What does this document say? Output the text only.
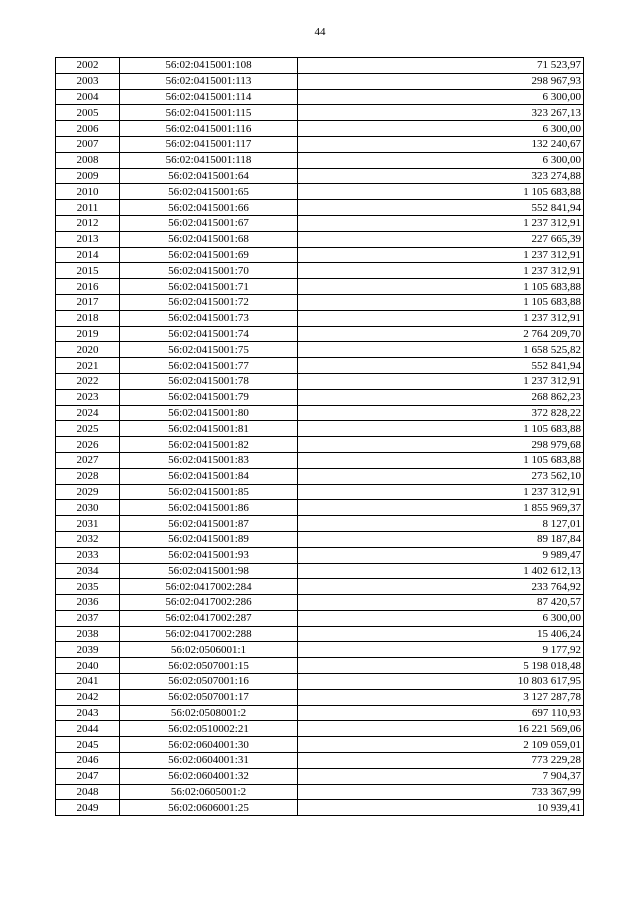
44
2002	56:02:0415001:108	71 523,97
2003	56:02:0415001:113	298 967,93
2004	56:02:0415001:114	6 300,00
2005	56:02:0415001:115	323 267,13
2006	56:02:0415001:116	6 300,00
2007	56:02:0415001:117	132 240,67
2008	56:02:0415001:118	6 300,00
2009	56:02:0415001:64	323 274,88
2010	56:02:0415001:65	1 105 683,88
2011	56:02:0415001:66	552 841,94
2012	56:02:0415001:67	1 237 312,91
2013	56:02:0415001:68	227 665,39
2014	56:02:0415001:69	1 237 312,91
2015	56:02:0415001:70	1 237 312,91
2016	56:02:0415001:71	1 105 683,88
2017	56:02:0415001:72	1 105 683,88
2018	56:02:0415001:73	1 237 312,91
2019	56:02:0415001:74	2 764 209,70
2020	56:02:0415001:75	1 658 525,82
2021	56:02:0415001:77	552 841,94
2022	56:02:0415001:78	1 237 312,91
2023	56:02:0415001:79	268 862,23
2024	56:02:0415001:80	372 828,22
2025	56:02:0415001:81	1 105 683,88
2026	56:02:0415001:82	298 979,68
2027	56:02:0415001:83	1 105 683,88
2028	56:02:0415001:84	273 562,10
2029	56:02:0415001:85	1 237 312,91
2030	56:02:0415001:86	1 855 969,37
2031	56:02:0415001:87	8 127,01
2032	56:02:0415001:89	89 187,84
2033	56:02:0415001:93	9 989,47
2034	56:02:0415001:98	1 402 612,13
2035	56:02:0417002:284	233 764,92
2036	56:02:0417002:286	87 420,57
2037	56:02:0417002:287	6 300,00
2038	56:02:0417002:288	15 406,24
2039	56:02:0506001:1	9 177,92
2040	56:02:0507001:15	5 198 018,48
2041	56:02:0507001:16	10 803 617,95
2042	56:02:0507001:17	3 127 287,78
2043	56:02:0508001:2	697 110,93
2044	56:02:0510002:21	16 221 569,06
2045	56:02:0604001:30	2 109 059,01
2046	56:02:0604001:31	773 229,28
2047	56:02:0604001:32	7 904,37
2048	56:02:0605001:2	733 367,99
2049	56:02:0606001:25	10 939,41
